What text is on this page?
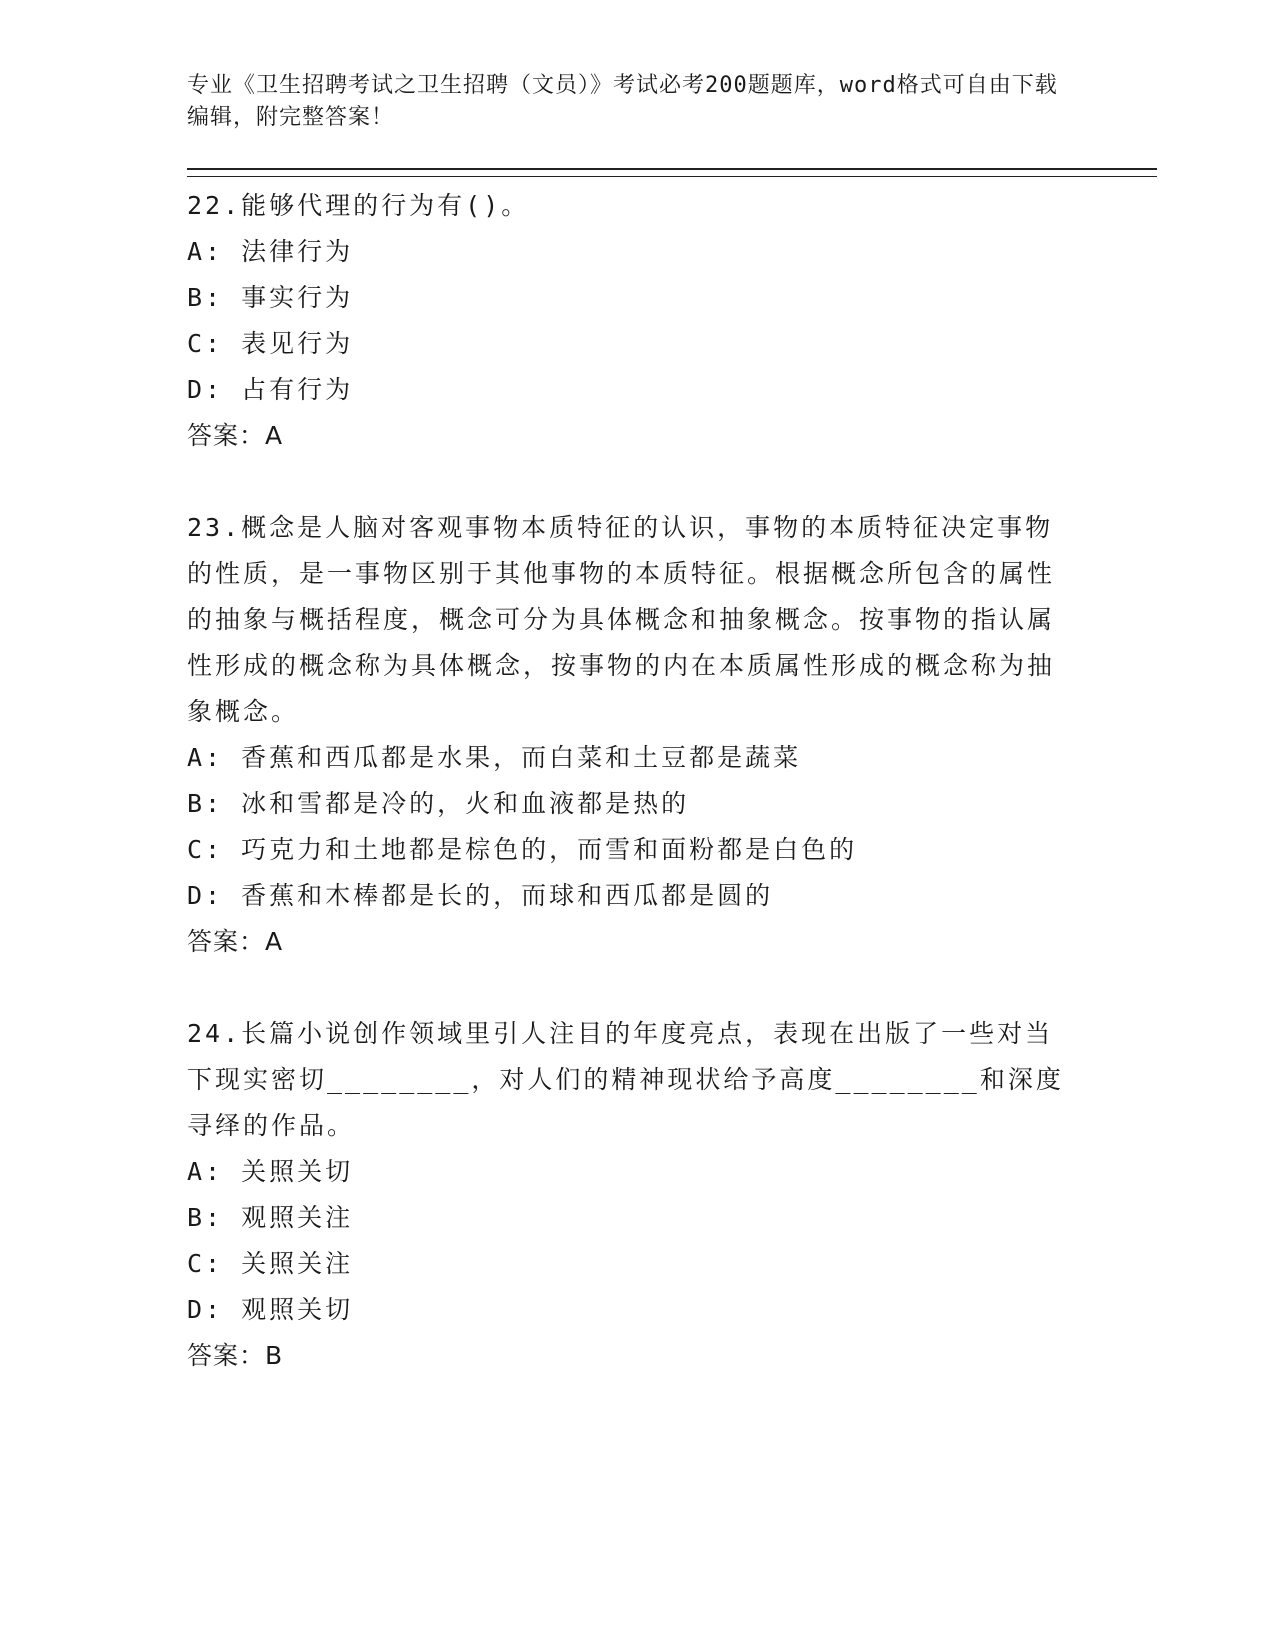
专业《卫生招聘考试之卫生招聘（文员）》考试必考200题题库，word格式可自由下载编辑，附完整答案！

22.能够代理的行为有()。

A: 法律行为

B: 事实行为

C: 表见行为

D: 占有行为

答案：A

23.概念是人脑对客观事物本质特征的认识，事物的本质特征决定事物的性质，是一事物区别于其他事物的本质特征。根据概念所包含的属性的抽象与概括程度，概念可分为具体概念和抽象概念。按事物的指认属性形成的概念称为具体概念，按事物的内在本质属性形成的概念称为抽象概念。

A: 香蕉和西瓜都是水果，而白菜和土豆都是蔬菜

B: 冰和雪都是冷的，火和血液都是热的

C: 巧克力和土地都是棕色的，而雪和面粉都是白色的

D: 香蕉和木棒都是长的，而球和西瓜都是圆的

答案：A

24.长篇小说创作领域里引人注目的年度亮点，表现在出版了一些对当下现实密切________，对人们的精神现状给予高度________和深度寻绎的作品。

A: 关照关切

B: 观照关注

C: 关照关注

D: 观照关切

答案：B
